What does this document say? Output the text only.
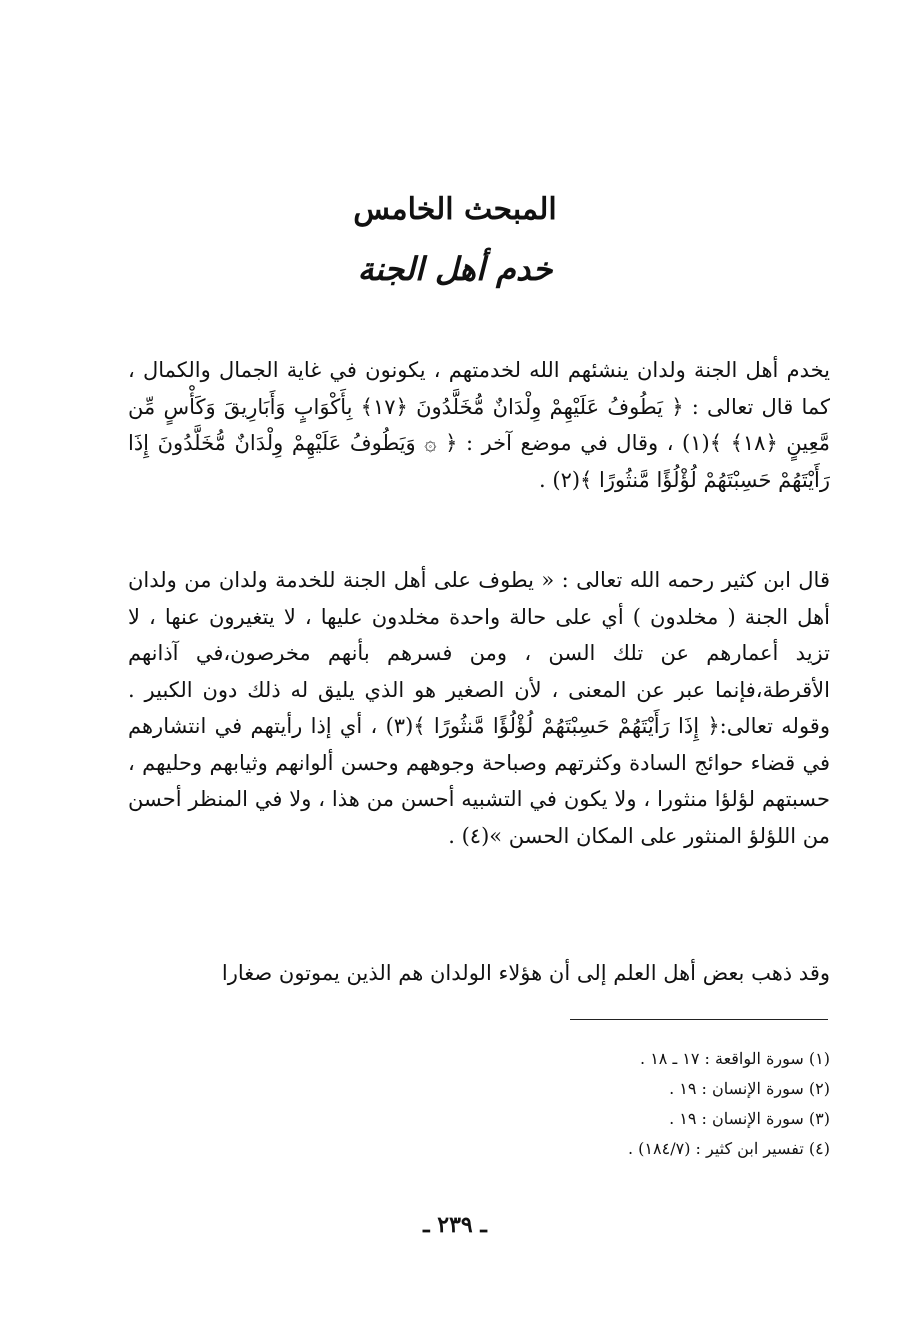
المبحث الخامس
خدم أهل الجنة

يخدم أهل الجنة ولدان ينشئهم الله لخدمتهم ، يكونون في غاية الجمال والكمال ، كما قال تعالى : ﴿ يَطُوفُ عَلَيْهِمْ وِلْدَانٌ مُّخَلَّدُونَ ﴿١٧﴾ بِأَكْوَابٍ وَأَبَارِيقَ وَكَأْسٍ مِّن مَّعِينٍ ﴿١٨﴾ ﴾(١) ، وقال في موضع آخر : ﴿ ۞ وَيَطُوفُ عَلَيْهِمْ وِلْدَانٌ مُّخَلَّدُونَ إِذَا رَأَيْتَهُمْ حَسِبْتَهُمْ لُؤْلُؤًا مَّنثُورًا ﴾(٢) .

قال ابن كثير رحمه الله تعالى : « يطوف على أهل الجنة للخدمة ولدان من ولدان أهل الجنة ( مخلدون ) أي على حالة واحدة مخلدون عليها ، لا يتغيرون عنها ، لا تزيد أعمارهم عن تلك السن ، ومن فسرهم بأنهم مخرصون،في آذانهم الأقرطة،فإنما عبر عن المعنى ، لأن الصغير هو الذي يليق له ذلك دون الكبير . وقوله تعالى:﴿ إِذَا رَأَيْتَهُمْ حَسِبْتَهُمْ لُؤْلُؤًا مَّنثُورًا ﴾(٣) ، أي إذا رأيتهم في انتشارهم في قضاء حوائج السادة وكثرتهم وصباحة وجوههم وحسن ألوانهم وثيابهم وحليهم ، حسبتهم لؤلؤا منثورا ، ولا يكون في التشبيه أحسن من هذا ، ولا في المنظر أحسن من اللؤلؤ المنثور على المكان الحسن »(٤) .

وقد ذهب بعض أهل العلم إلى أن هؤلاء الولدان هم الذين يموتون صغارا

(١) سورة الواقعة : ١٧ ـ ١٨ .
(٢) سورة الإنسان : ١٩ .
(٣) سورة الإنسان : ١٩ .
(٤) تفسير ابن كثير : (١٨٤/٧) .
ـ ٢٣٩ ـ
